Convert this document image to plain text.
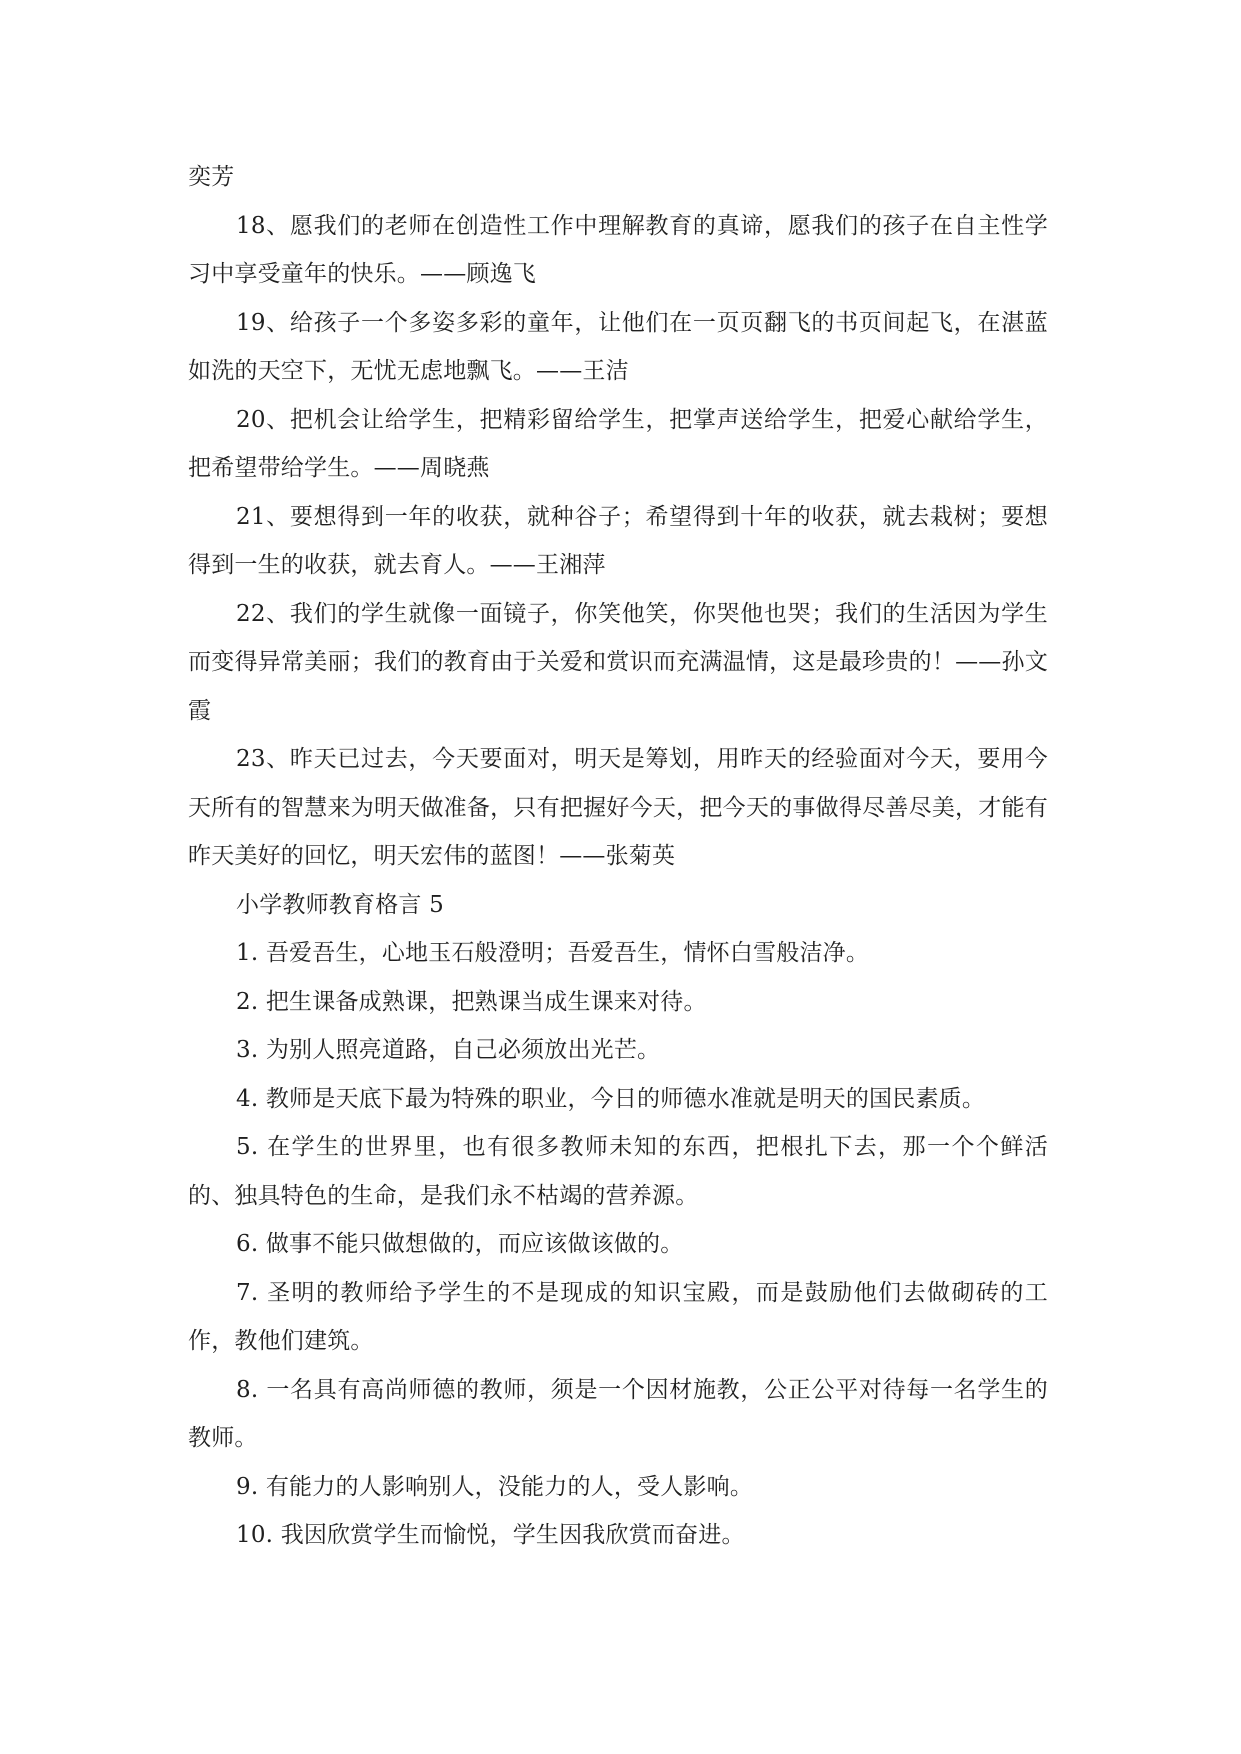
奕芳

18、愿我们的老师在创造性工作中理解教育的真谛，愿我们的孩子在自主性学习中享受童年的快乐。——顾逸飞

19、给孩子一个多姿多彩的童年，让他们在一页页翻飞的书页间起飞，在湛蓝如洗的天空下，无忧无虑地飘飞。——王洁

20、把机会让给学生，把精彩留给学生，把掌声送给学生，把爱心献给学生，把希望带给学生。——周晓燕

21、要想得到一年的收获，就种谷子；希望得到十年的收获，就去栽树；要想得到一生的收获，就去育人。——王湘萍

22、我们的学生就像一面镜子，你笑他笑，你哭他也哭；我们的生活因为学生而变得异常美丽；我们的教育由于关爱和赏识而充满温情，这是最珍贵的！——孙文霞

23、昨天已过去，今天要面对，明天是筹划，用昨天的经验面对今天，要用今天所有的智慧来为明天做准备，只有把握好今天，把今天的事做得尽善尽美，才能有昨天美好的回忆，明天宏伟的蓝图！——张菊英

小学教师教育格言 5

1. 吾爱吾生，心地玉石般澄明；吾爱吾生，情怀白雪般洁净。

2. 把生课备成熟课，把熟课当成生课来对待。

3. 为别人照亮道路，自己必须放出光芒。

4. 教师是天底下最为特殊的职业，今日的师德水准就是明天的国民素质。

5. 在学生的世界里，也有很多教师未知的东西，把根扎下去，那一个个鲜活的、独具特色的生命，是我们永不枯竭的营养源。

6. 做事不能只做想做的，而应该做该做的。

7. 圣明的教师给予学生的不是现成的知识宝殿，而是鼓励他们去做砌砖的工作，教他们建筑。

8. 一名具有高尚师德的教师，须是一个因材施教，公正公平对待每一名学生的教师。

9. 有能力的人影响别人，没能力的人，受人影响。

10. 我因欣赏学生而愉悦，学生因我欣赏而奋进。
